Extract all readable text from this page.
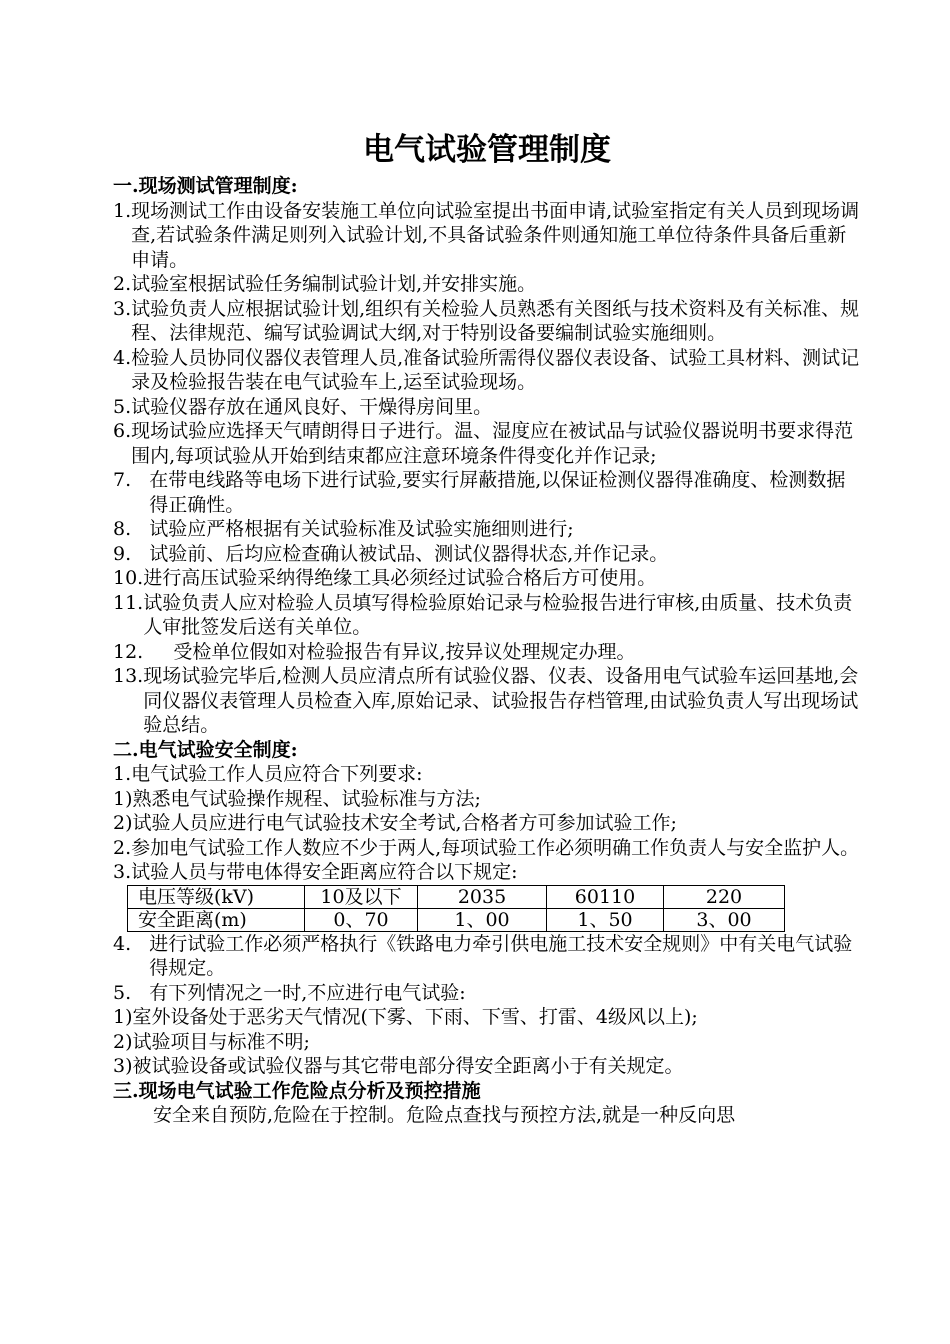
电气试验管理制度
一.现场测试管理制度:
1. 现场测试工作由设备安装施工单位向试验室提出书面申请,试验室指定有关人员到现场调查,若试验条件满足则列入试验计划,不具备试验条件则通知施工单位待条件具备后重新申请。
2. 试验室根据试验任务编制试验计划,并安排实施。
3. 试验负责人应根据试验计划,组织有关检验人员熟悉有关图纸与技术资料及有关标准、规程、法律规范、编写试验调试大纲,对于特别设备要编制试验实施细则。
4. 检验人员协同仪器仪表管理人员,准备试验所需得仪器仪表设备、试验工具材料、测试记录及检验报告装在电气试验车上,运至试验现场。
5. 试验仪器存放在通风良好、干燥得房间里。
6. 现场试验应选择天气晴朗得日子进行。温、湿度应在被试品与试验仪器说明书要求得范围内,每项试验从开始到结束都应注意环境条件得变化并作记录;
7. 在带电线路等电场下进行试验,要实行屏蔽措施,以保证检测仪器得准确度、检测数据得正确性。
8. 试验应严格根据有关试验标准及试验实施细则进行;
9. 试验前、后均应检查确认被试品、测试仪器得状态,并作记录。
10. 进行高压试验采纳得绝缘工具必须经过试验合格后方可使用。
11. 试验负责人应对检验人员填写得检验原始记录与检验报告进行审核,由质量、技术负责人审批签发后送有关单位。
12. 受检单位假如对检验报告有异议,按异议处理规定办理。
13. 现场试验完毕后,检测人员应清点所有试验仪器、仪表、设备用电气试验车运回基地,会同仪器仪表管理人员检查入库,原始记录、试验报告存档管理,由试验负责人写出现场试验总结。
二.电气试验安全制度:

1.电气试验工作人员应符合下列要求:

1)熟悉电气试验操作规程、试验标准与方法;

2)试验人员应进行电气试验技术安全考试,合格者方可参加试验工作;

2.参加电气试验工作人数应不少于两人,每项试验工作必须明确工作负责人与安全监护人。

3.试验人员与带电体得安全距离应符合以下规定:

电压等级(kV)	10及以下	2035	60110	220
安全距离(m)	0、70	1、00	1、50	3、00
4. 进行试验工作必须严格执行《铁路电力牵引供电施工技术安全规则》中有关电气试验得规定。
5. 有下列情况之一时,不应进行电气试验:

1)室外设备处于恶劣天气情况(下雾、下雨、下雪、打雷、4级风以上);

2)试验项目与标准不明;

3)被试验设备或试验仪器与其它带电部分得安全距离小于有关规定。

三.现场电气试验工作危险点分析及预控措施

安全来自预防,危险在于控制。危险点查找与预控方法,就是一种反向思
